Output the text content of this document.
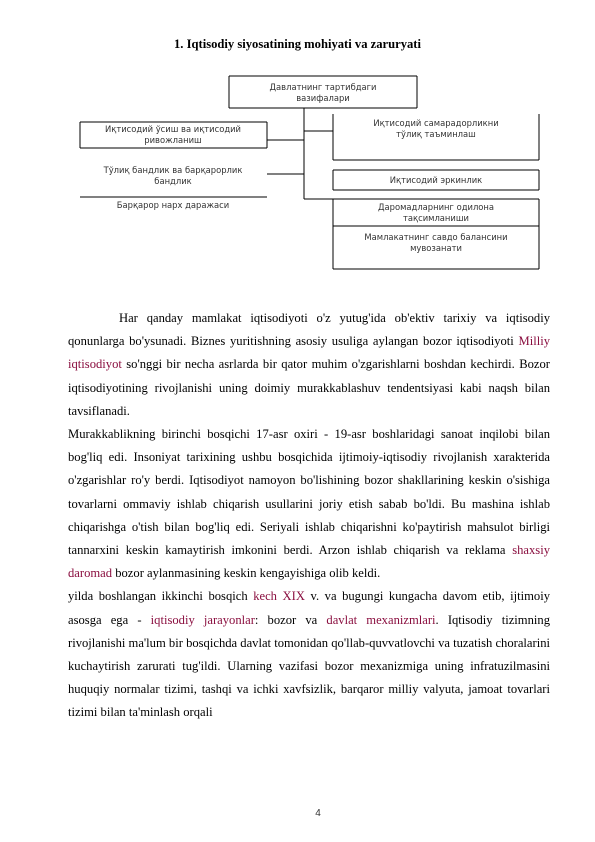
1. Iqtisodiy siyosatining mohiyati va zaruryati
Давлатнинг тартибдаги
вазифалари
Иқтисодий ўсиш ва иқтисодий
ривожланиш
Тўлиқ бандлик ва барқарорлик
бандлик
Барқарор нарх даражаси
Иқтисодий самарадорликни
тўлиқ таъминлаш
Иқтисодий эркинлик
Даромадларнинг одилона
тақсимланиши
Мамлакатнинг савдо балансини
мувозанати

Har qanday mamlakat iqtisodiyoti o'z yutug'ida ob'ektiv tarixiy va iqtisodiy qonunlarga bo'ysunadi. Biznes yuritishning asosiy usuliga aylangan bozor iqtisodiyoti Milliy iqtisodiyot so'nggi bir necha asrlarda bir qator muhim o'zgarishlarni boshdan kechirdi. Bozor iqtisodiyotining rivojlanishi uning doimiy murakkablashuv tendentsiyasi kabi naqsh bilan tavsiflanadi.

Murakkablikning birinchi bosqichi 17-asr oxiri - 19-asr boshlaridagi sanoat inqilobi bilan bog'liq edi. Insoniyat tarixining ushbu bosqichida ijtimoiy-iqtisodiy rivojlanish xarakterida o'zgarishlar ro'y berdi. Iqtisodiyot namoyon bo'lishining bozor shakllarining keskin o'sishiga tovarlarni ommaviy ishlab chiqarish usullarini joriy etish sabab bo'ldi. Bu mashina ishlab chiqarishga o'tish bilan bog'liq edi. Seriyali ishlab chiqarishni ko'paytirish mahsulot birligi tannarxini keskin kamaytirish imkonini berdi. Arzon ishlab chiqarish va reklama shaxsiy daromad bozor aylanmasining keskin kengayishiga olib keldi.

yilda boshlangan ikkinchi bosqich kech XIX v. va bugungi kungacha davom etib, ijtimoiy asosga ega - iqtisodiy jarayonlar: bozor va davlat mexanizmlari. Iqtisodiy tizimning rivojlanishi ma'lum bir bosqichda davlat tomonidan qo'llab-quvvatlovchi va tuzatish choralarini kuchaytirish zarurati tug'ildi. Ularning vazifasi bozor mexanizmiga uning infratuzilmasini huquqiy normalar tizimi, tashqi va ichki xavfsizlik, barqaror milliy valyuta, jamoat tovarlari tizimi bilan ta'minlash orqali

4
